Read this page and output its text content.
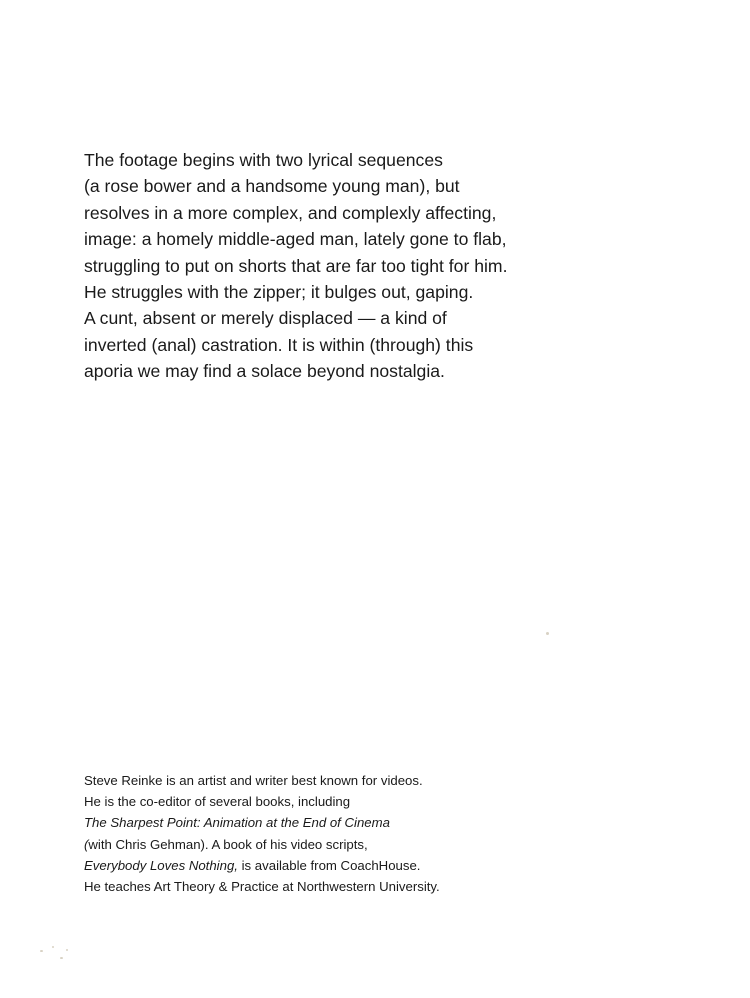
The footage begins with two lyrical sequences
(a rose bower and a handsome young man), but
resolves in a more complex, and complexly affecting,
image: a homely middle-aged man, lately gone to flab,
struggling to put on shorts that are far too tight for him.
He struggles with the zipper; it bulges out, gaping.
A cunt, absent or merely displaced — a kind of
inverted (anal) castration. It is within (through) this
aporia we may find a solace beyond nostalgia.
Steve Reinke is an artist and writer best known for videos.
He is the co-editor of several books, including
The Sharpest Point: Animation at the End of Cinema
(with Chris Gehman). A book of his video scripts,
Everybody Loves Nothing, is available from CoachHouse.
He teaches Art Theory & Practice at Northwestern University.
